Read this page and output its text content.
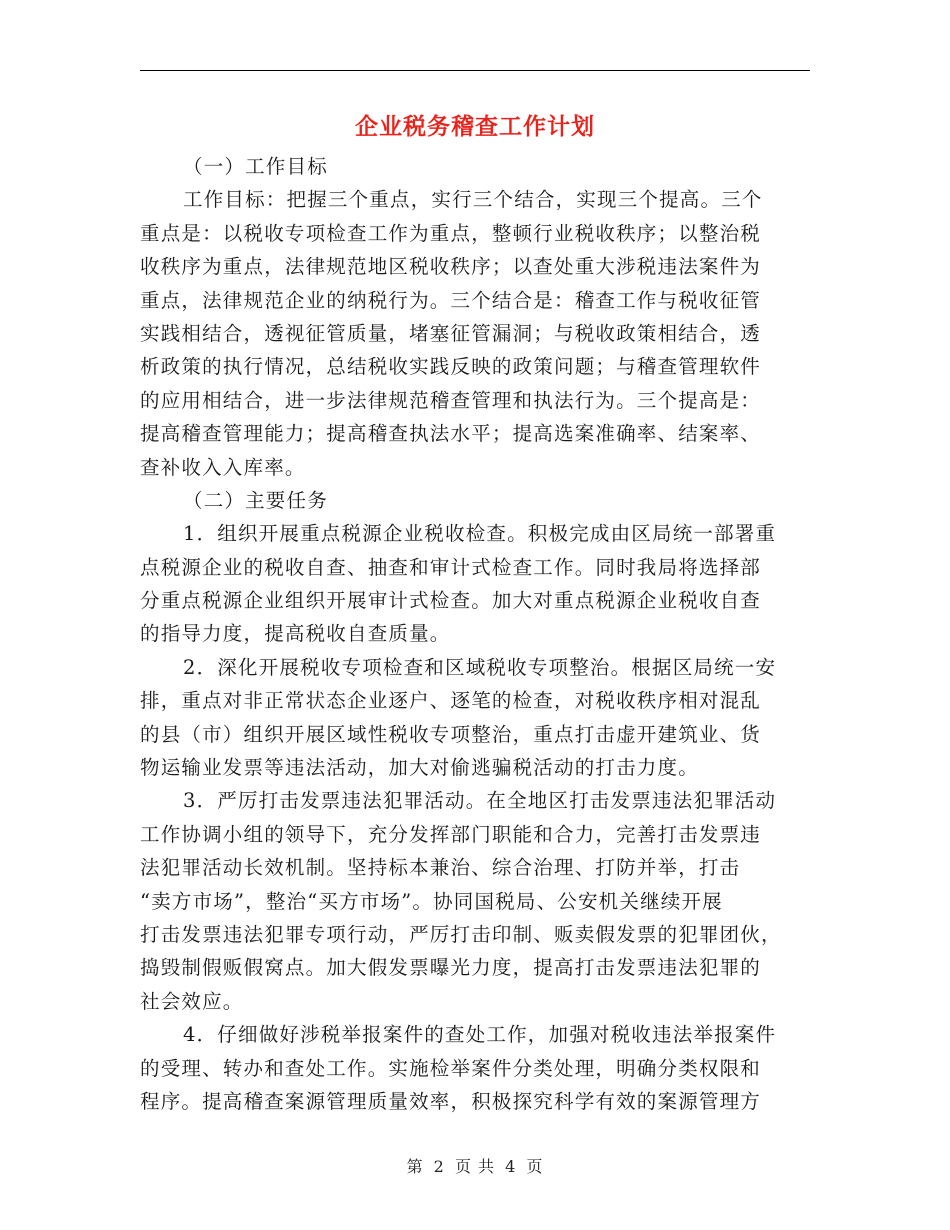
企业税务稽查工作计划
（一）工作目标
工作目标：把握三个重点，实行三个结合，实现三个提高。三个
重点是：以税收专项检查工作为重点，整顿行业税收秩序；以整治税
收秩序为重点，法律规范地区税收秩序；以查处重大涉税违法案件为
重点，法律规范企业的纳税行为。三个结合是：稽查工作与税收征管
实践相结合，透视征管质量，堵塞征管漏洞；与税收政策相结合，透
析政策的执行情况，总结税收实践反映的政策问题；与稽查管理软件
的应用相结合，进一步法律规范稽查管理和执法行为。三个提高是：
提高稽查管理能力；提高稽查执法水平；提高选案准确率、结案率、
查补收入入库率。
（二）主要任务
1．组织开展重点税源企业税收检查。积极完成由区局统一部署重
点税源企业的税收自查、抽查和审计式检查工作。同时我局将选择部
分重点税源企业组织开展审计式检查。加大对重点税源企业税收自查
的指导力度，提高税收自查质量。
2．深化开展税收专项检查和区域税收专项整治。根据区局统一安
排，重点对非正常状态企业逐户、逐笔的检查，对税收秩序相对混乱
的县（市）组织开展区域性税收专项整治，重点打击虚开建筑业、货
物运输业发票等违法活动，加大对偷逃骗税活动的打击力度。
3．严厉打击发票违法犯罪活动。在全地区打击发票违法犯罪活动
工作协调小组的领导下，充分发挥部门职能和合力，完善打击发票违
法犯罪活动长效机制。坚持标本兼治、综合治理、打防并举，打击
“卖方市场”，整治“买方市场”。协同国税局、公安机关继续开展
打击发票违法犯罪专项行动，严厉打击印制、贩卖假发票的犯罪团伙，
捣毁制假贩假窝点。加大假发票曝光力度，提高打击发票违法犯罪的
社会效应。
4．仔细做好涉税举报案件的查处工作，加强对税收违法举报案件
的受理、转办和查处工作。实施检举案件分类处理，明确分类权限和
程序。提高稽查案源管理质量效率，积极探究科学有效的案源管理方
第 2 页 共 4 页
